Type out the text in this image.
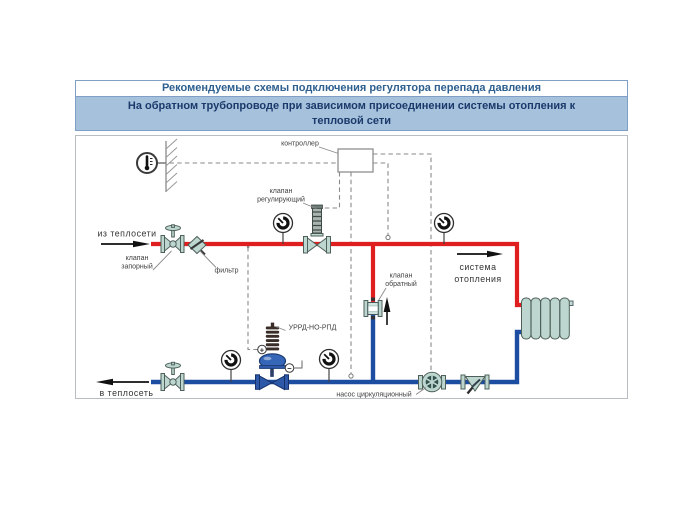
Рекомендуемые схемы подключения регулятора перепада давления
На обратном трубопроводе при зависимом присоединении системы отопления к тепловой сети
контроллер
клапан
регулирующий
клапан
обратный
+
−
УРРД-НО-РПД
насос циркуляционный
клапан
запорный
фильтр
из теплосети
в теплосеть
система
отопления
